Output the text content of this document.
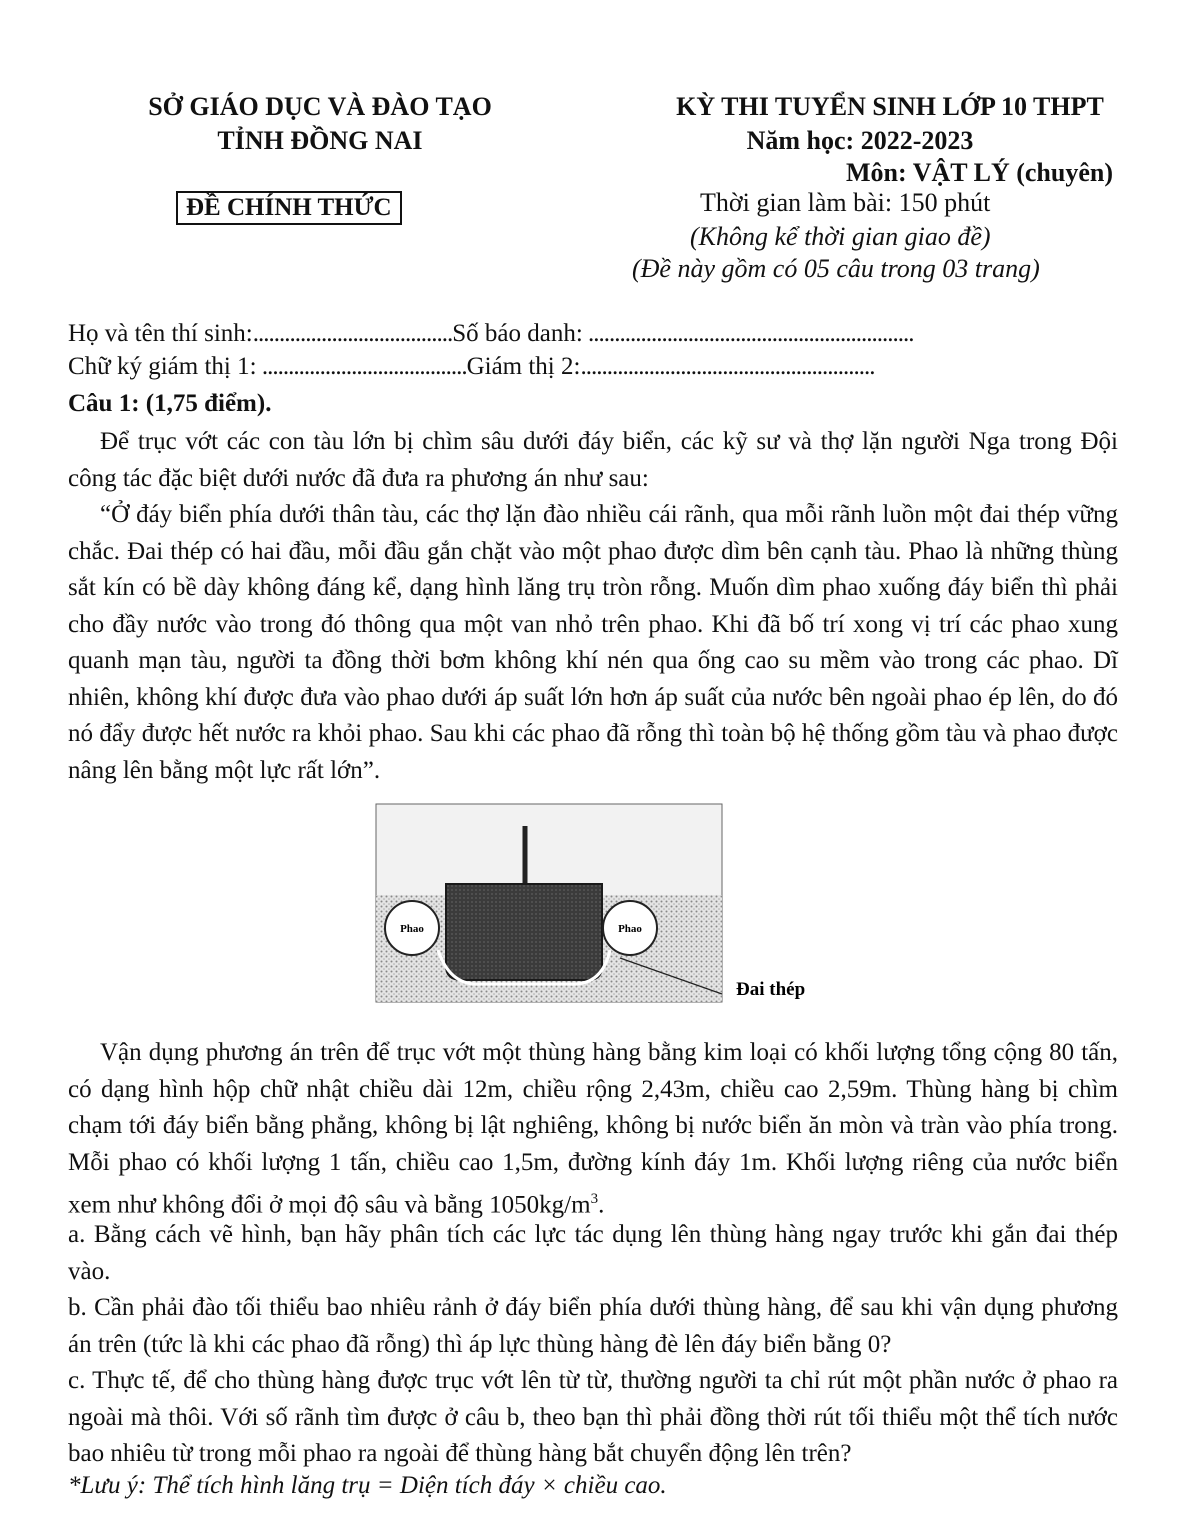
SỞ GIÁO DỤC VÀ ĐÀO TẠO
TỈNH ĐỒNG NAI
ĐỀ CHÍNH THỨC
KỲ THI TUYỂN SINH LỚP 10 THPT
Năm học: 2022-2023
Môn: VẬT LÝ (chuyên)
Thời gian làm bài: 150 phút
(Không kể thời gian giao đề)
(Đề này gồm có 05 câu trong 03 trang)
Họ và tên thí sinh:......................................Số báo danh: ..............................................................
Chữ ký giám thị 1: .......................................Giám thị 2:........................................................
Câu 1: (1,75 điểm).
Để trục vớt các con tàu lớn bị chìm sâu dưới đáy biển, các kỹ sư và thợ lặn người Nga trong Đội công tác đặc biệt dưới nước đã đưa ra phương án như sau:
“Ở đáy biển phía dưới thân tàu, các thợ lặn đào nhiều cái rãnh, qua mỗi rãnh luồn một đai thép vững chắc. Đai thép có hai đầu, mỗi đầu gắn chặt vào một phao được dìm bên cạnh tàu. Phao là những thùng sắt kín có bề dày không đáng kể, dạng hình lăng trụ tròn rỗng. Muốn dìm phao xuống đáy biển thì phải cho đầy nước vào trong đó thông qua một van nhỏ trên phao. Khi đã bố trí xong vị trí các phao xung quanh mạn tàu, người ta đồng thời bơm không khí nén qua ống cao su mềm vào trong các phao. Dĩ nhiên, không khí được đưa vào phao dưới áp suất lớn hơn áp suất của nước bên ngoài phao ép lên, do đó nó đẩy được hết nước ra khỏi phao. Sau khi các phao đã rỗng thì toàn bộ hệ thống gồm tàu và phao được nâng lên bằng một lực rất lớn”.
Phao	Phao
Đai thép
Vận dụng phương án trên để trục vớt một thùng hàng bằng kim loại có khối lượng tổng cộng 80 tấn, có dạng hình hộp chữ nhật chiều dài 12m, chiều rộng 2,43m, chiều cao 2,59m. Thùng hàng bị chìm chạm tới đáy biển bằng phẳng, không bị lật nghiêng, không bị nước biển ăn mòn và tràn vào phía trong. Mỗi phao có khối lượng 1 tấn, chiều cao 1,5m, đường kính đáy 1m. Khối lượng riêng của nước biển xem như không đổi ở mọi độ sâu và bằng $1050kg/m^3$.
a. Bằng cách vẽ hình, bạn hãy phân tích các lực tác dụng lên thùng hàng ngay trước khi gắn đai thép vào.
b. Cần phải đào tối thiểu bao nhiêu rảnh ở đáy biển phía dưới thùng hàng, để sau khi vận dụng phương án trên (tức là khi các phao đã rỗng) thì áp lực thùng hàng đè lên đáy biển bằng 0?
c. Thực tế, để cho thùng hàng được trục vớt lên từ từ, thường người ta chỉ rút một phần nước ở phao ra ngoài mà thôi. Với số rãnh tìm được ở câu b, theo bạn thì phải đồng thời rút tối thiểu một thể tích nước bao nhiêu từ trong mỗi phao ra ngoài để thùng hàng bắt chuyển động lên trên?
*Lưu ý: Thể tích hình lăng trụ = Diện tích đáy × chiều cao.
